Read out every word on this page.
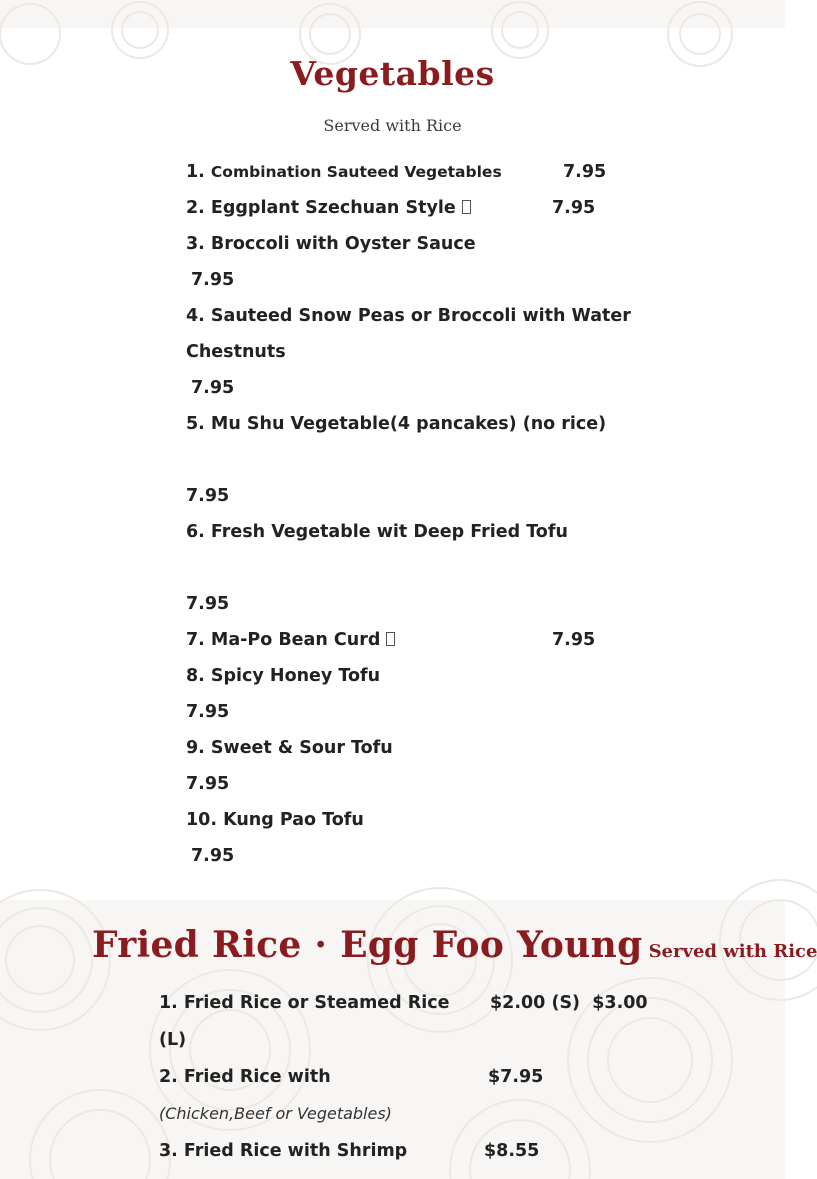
Vegetables
Served with Rice
1. Combination Sauteed Vegetables	7.95
2. Eggplant Szechuan Style	7.95
3. Broccoli with Oyster Sauce
7.95
4. Sauteed Snow Peas or Broccoli with Water
Chestnuts
7.95
5. Mu Shu Vegetable(4 pancakes) (no rice)
7.95
6. Fresh Vegetable wit Deep Fried Tofu
7.95
7. Ma-Po Bean Curd	7.95
8. Spicy Honey Tofu
7.95
9. Sweet & Sour Tofu
7.95
10. Kung Pao Tofu
7.95
Fried Rice · Egg Foo Young Served with Rice
1. Fried Rice or Steamed Rice $2.00 (S)  $3.00
(L)
2. Fried Rice with	$7.95
(Chicken,Beef or Vegetables)
3. Fried Rice with Shrimp	$8.55
